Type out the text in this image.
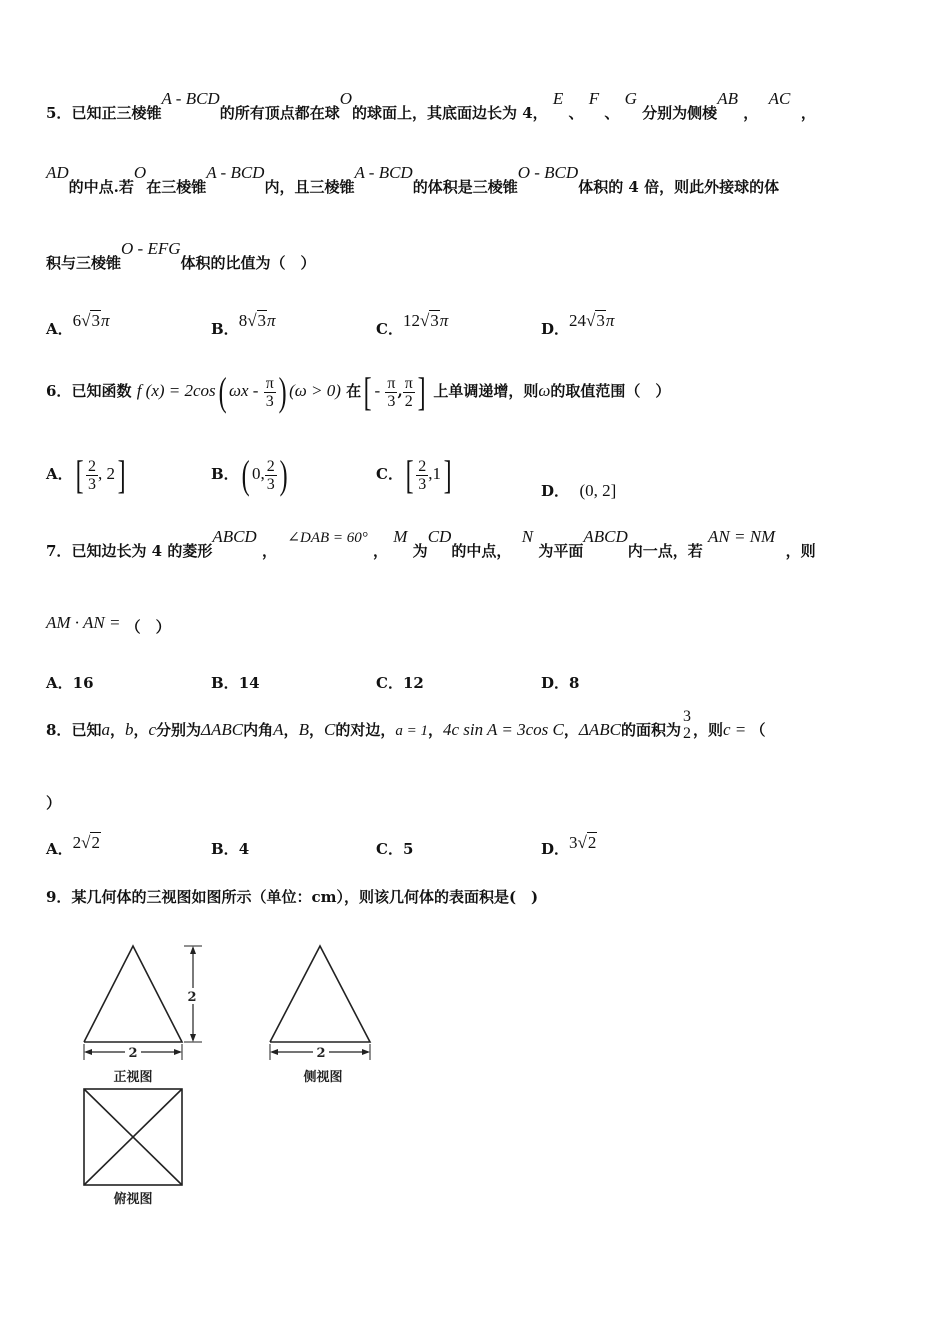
5．已知正三棱锥A - BCD的所有顶点都在球O的球面上，其底面边长为 4， E 、 F 、 G 分别为侧棱AB ，  AC  ，
AD的中点.若O在三棱锥A - BCD内，且三棱锥A - BCD的体积是三棱锥O - BCD体积的 4 倍，则此外接球的体
积与三棱锥O - EFG体积的比值为（　）
A．6√3π	B．8√3π	C．12√3π	D．24√3π
6．已知函数 f (x) = 2cos( ωx - $\frac{\pi}{3}$ ) (ω > 0) 在[ - $\frac{\pi}{3}$ , $\frac{\pi}{2}$ ] 上单调递增，则ω的取值范围（　）
A．[ $\frac{2}{3}$ , 2]	B．( 0, $\frac{2}{3}$ )	C．[ $\frac{2}{3} ,1$]	D． (0, 2]
7．已知边长为 4 的菱形ABCD ，  ∠DAB = 60° ， M 为CD的中点，  N 为平面ABCD内一点，若 AN = NM  ，则
AM · AN = （　）
A．16	B．14	C．12	D．8
8．已知a，b，c分别为ΔABC内角A，B，C的对边，a = 1，4c sin A = 3cos C，ΔABC的面积为
3
2 ，则c = （
）
A．2√2	B．4	C．5	D．3√2
9．某几何体的三视图如图所示（单位：cm），则该几何体的表面积是(　)
2
2
正视图
2
侧视图
俯视图
